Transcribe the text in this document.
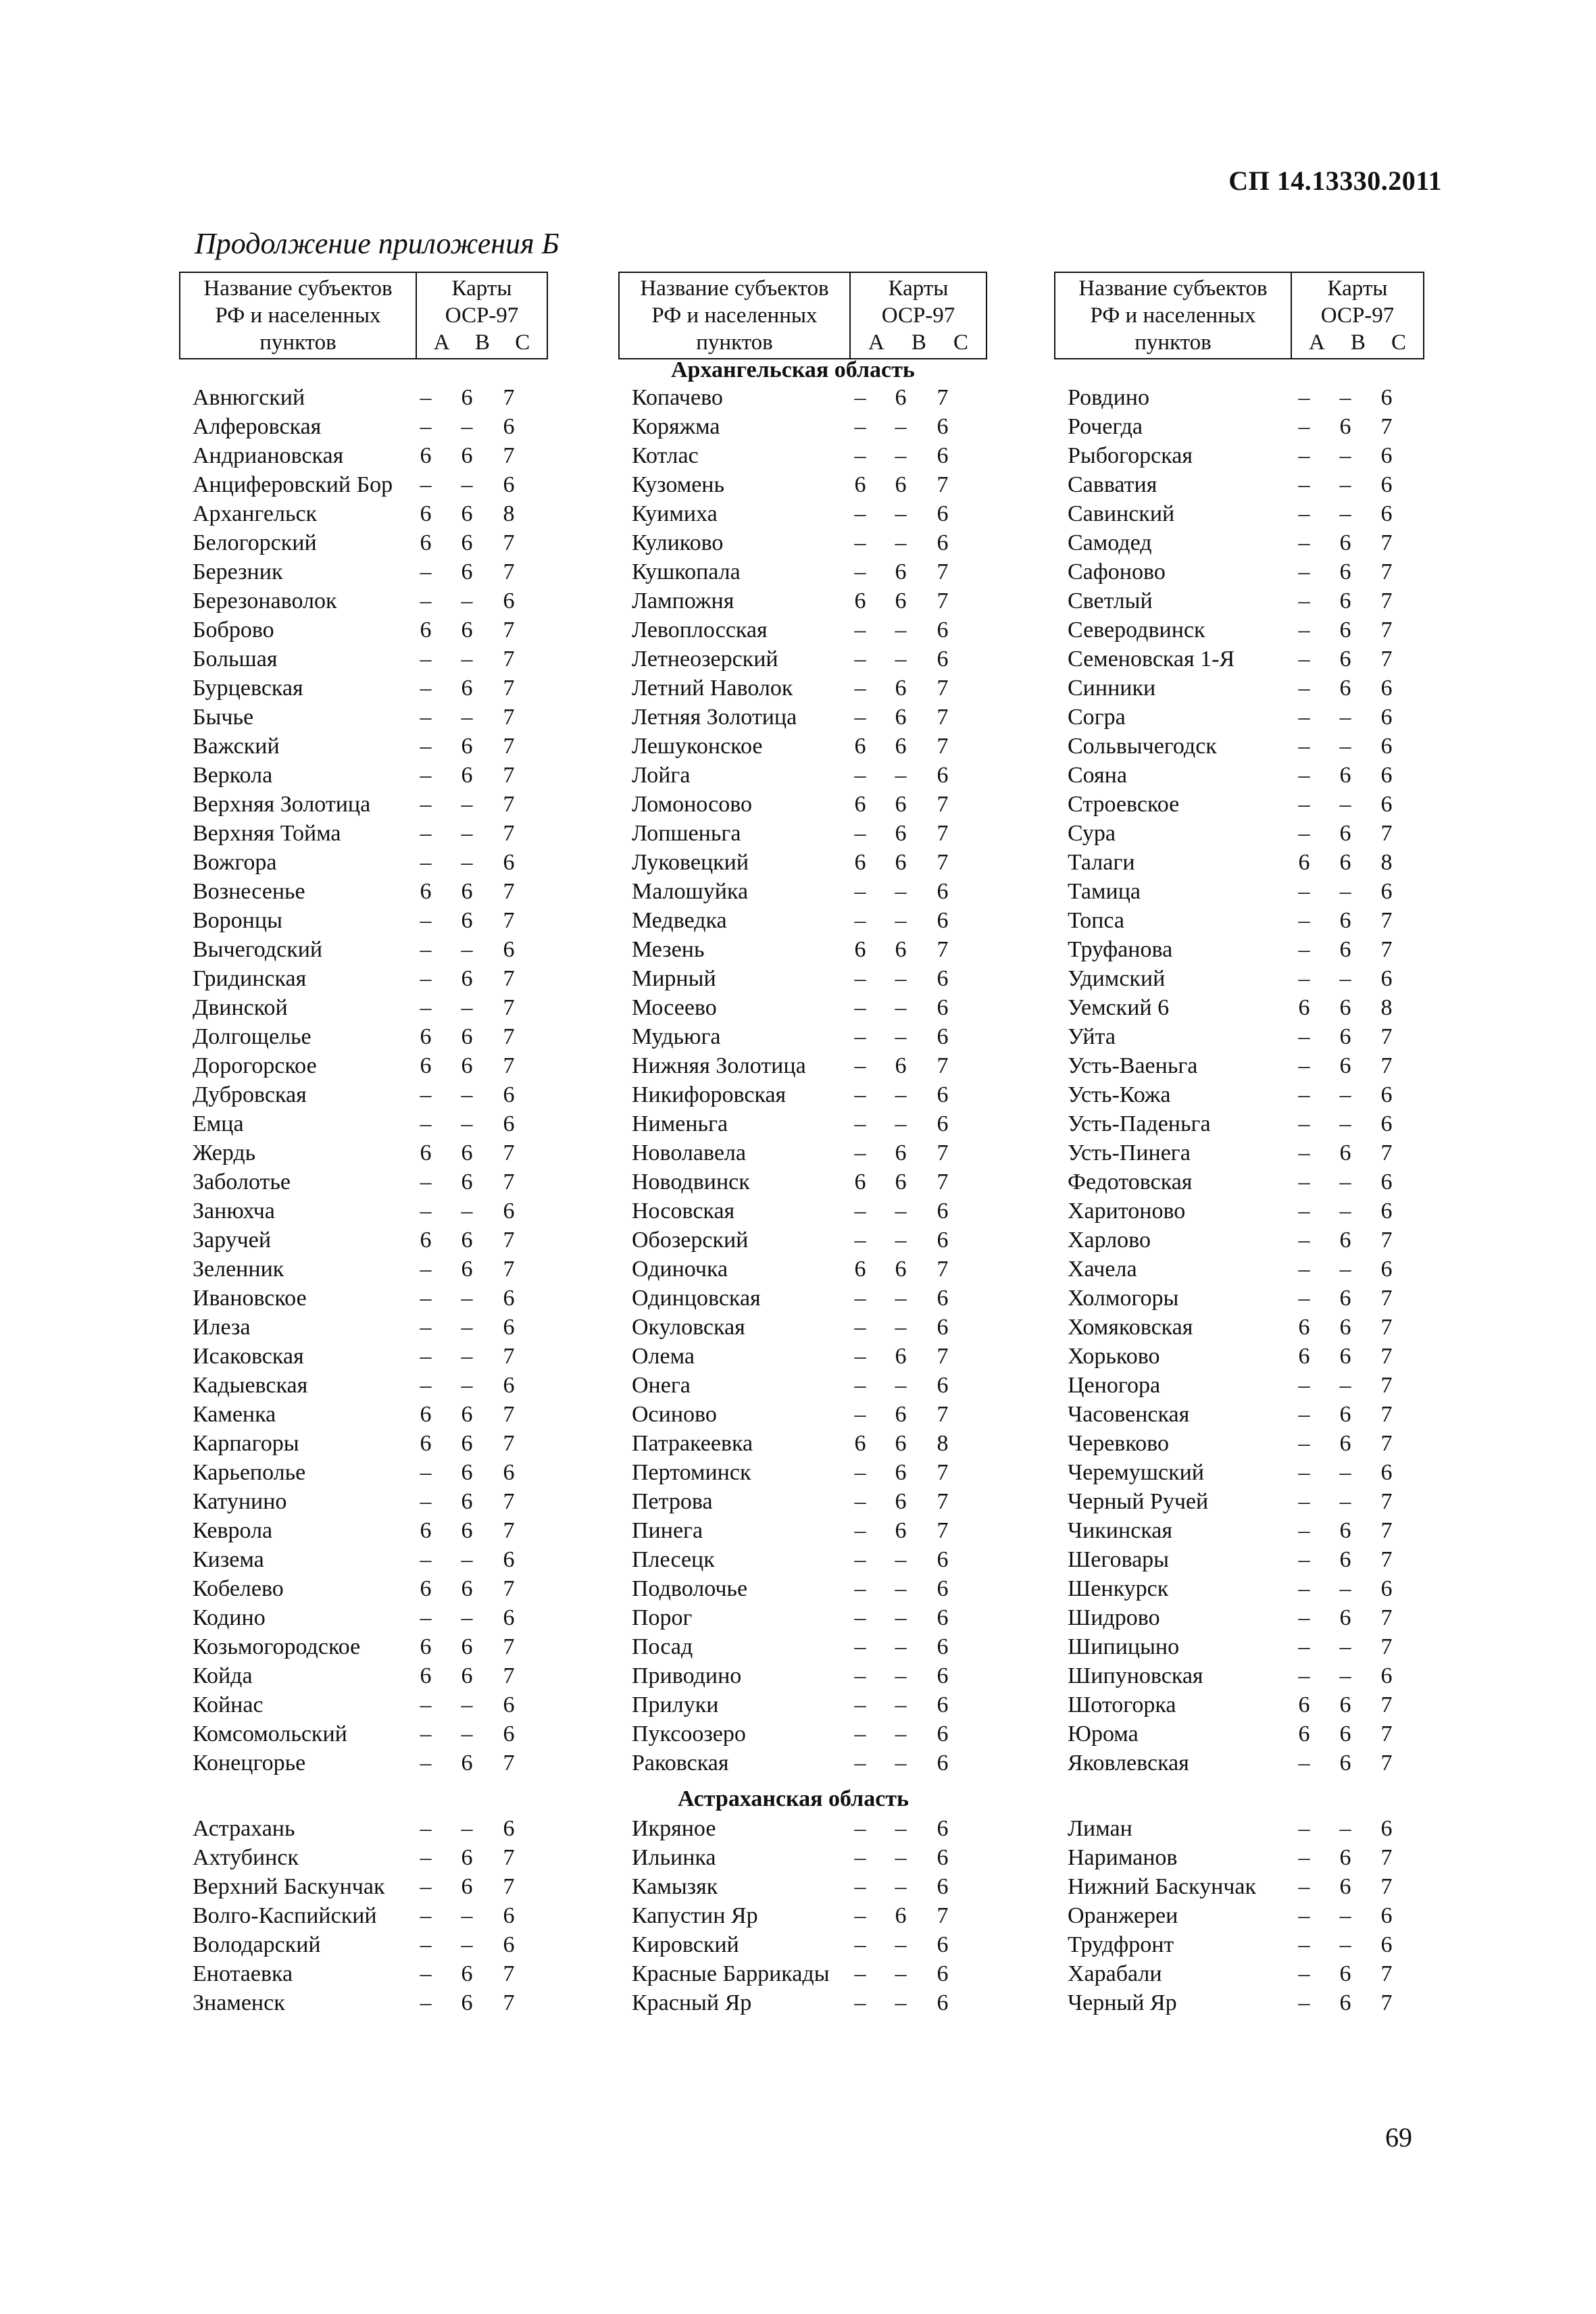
СП 14.13330.2011
Продолжение приложения Б
Название субъектов
РФ и населенных
пунктов
Карты
ОСР-97
А В С
Авнюгский	–	6	7
Алферовская	–	–	6
Андриановская	6	6	7
Анциферовский Бор	–	–	6
Архангельск	6	6	8
Белогорский	6	6	7
Березник	–	6	7
Березонаволок	–	–	6
Боброво	6	6	7
Большая	–	–	7
Бурцевская	–	6	7
Бычье	–	–	7
Важский	–	6	7
Веркола	–	6	7
Верхняя Золотица	–	–	7
Верхняя Тойма	–	–	7
Вожгора	–	–	6
Вознесенье	6	6	7
Воронцы	–	6	7
Вычегодский	–	–	6
Гридинская	–	6	7
Двинской	–	–	7
Долгощелье	6	6	7
Дорогорское	6	6	7
Дубровская	–	–	6
Емца	–	–	6
Жердь	6	6	7
Заболотье	–	6	7
Занюхча	–	–	6
Заручей	6	6	7
Зеленник	–	6	7
Ивановское	–	–	6
Илеза	–	–	6
Исаковская	–	–	7
Кадыевская	–	–	6
Каменка	6	6	7
Карпагоры	6	6	7
Карьеполье	–	6	6
Катунино	–	6	7
Кеврола	6	6	7
Кизема	–	–	6
Кобелево	6	6	7
Кодино	–	–	6
Козьмогородское	6	6	7
Койда	6	6	7
Койнас	–	–	6
Комсомольский	–	–	6
Конецгорье	–	6	7
Астрахань	–	–	6
Ахтубинск	–	6	7
Верхний Баскунчак	–	6	7
Волго-Каспийский	–	–	6
Володарский	–	–	6
Енотаевка	–	6	7
Знаменск	–	6	7
Название субъектов
РФ и населенных
пунктов
Карты
ОСР-97
А В С
Архангельская область
Копачево	–	6	7
Коряжма	–	–	6
Котлас	–	–	6
Кузомень	6	6	7
Куимиха	–	–	6
Куликово	–	–	6
Кушкопала	–	6	7
Лампожня	6	6	7
Левоплосская	–	–	6
Летнеозерский	–	–	6
Летний Наволок	–	6	7
Летняя Золотица	–	6	7
Лешуконское	6	6	7
Лойга	–	–	6
Ломоносово	6	6	7
Лопшеньга	–	6	7
Луковецкий	6	6	7
Малошуйка	–	–	6
Медведка	–	–	6
Мезень	6	6	7
Мирный	–	–	6
Мосеево	–	–	6
Мудьюга	–	–	6
Нижняя Золотица	–	6	7
Никифоровская	–	–	6
Нименьга	–	–	6
Новолавела	–	6	7
Новодвинск	6	6	7
Носовская	–	–	6
Обозерский	–	–	6
Одиночка	6	6	7
Одинцовская	–	–	6
Окуловская	–	–	6
Олема	–	6	7
Онега	–	–	6
Осиново	–	6	7
Патракеевка	6	6	8
Пертоминск	–	6	7
Петрова	–	6	7
Пинега	–	6	7
Плесецк	–	–	6
Подволочье	–	–	6
Порог	–	–	6
Посад	–	–	6
Приводино	–	–	6
Прилуки	–	–	6
Пуксоозеро	–	–	6
Раковская	–	–	6
Астраханская область
Икряное	–	–	6
Ильинка	–	–	6
Камызяк	–	–	6
Капустин Яр	–	6	7
Кировский	–	–	6
Красные Баррикады	–	–	6
Красный Яр	–	–	6
Название субъектов
РФ и населенных
пунктов
Карты
ОСР-97
А В С
Ровдино	–	–	6
Рочегда	–	6	7
Рыбогорская	–	–	6
Савватия	–	–	6
Савинский	–	–	6
Самодед	–	6	7
Сафоново	–	6	7
Светлый	–	6	7
Северодвинск	–	6	7
Семеновская 1-Я	–	6	7
Синники	–	6	6
Согра	–	–	6
Сольвычегодск	–	–	6
Сояна	–	6	6
Строевское	–	–	6
Сура	–	6	7
Талаги	6	6	8
Тамица	–	–	6
Топса	–	6	7
Труфанова	–	6	7
Удимский	–	–	6
Уемский 6	6	6	8
Уйта	–	6	7
Усть-Ваеньга	–	6	7
Усть-Кожа	–	–	6
Усть-Паденьга	–	–	6
Усть-Пинега	–	6	7
Федотовская	–	–	6
Харитоново	–	–	6
Харлово	–	6	7
Хачела	–	–	6
Холмогоры	–	6	7
Хомяковская	6	6	7
Хорьково	6	6	7
Ценогора	–	–	7
Часовенская	–	6	7
Черевково	–	6	7
Черемушский	–	–	6
Черный Ручей	–	–	7
Чикинская	–	6	7
Шеговары	–	6	7
Шенкурск	–	–	6
Шидрово	–	6	7
Шипицыно	–	–	7
Шипуновская	–	–	6
Шотогорка	6	6	7
Юрома	6	6	7
Яковлевская	–	6	7
Лиман	–	–	6
Нариманов	–	6	7
Нижний Баскунчак	–	6	7
Оранжереи	–	–	6
Трудфронт	–	–	6
Харабали	–	6	7
Черный Яр	–	6	7
69
